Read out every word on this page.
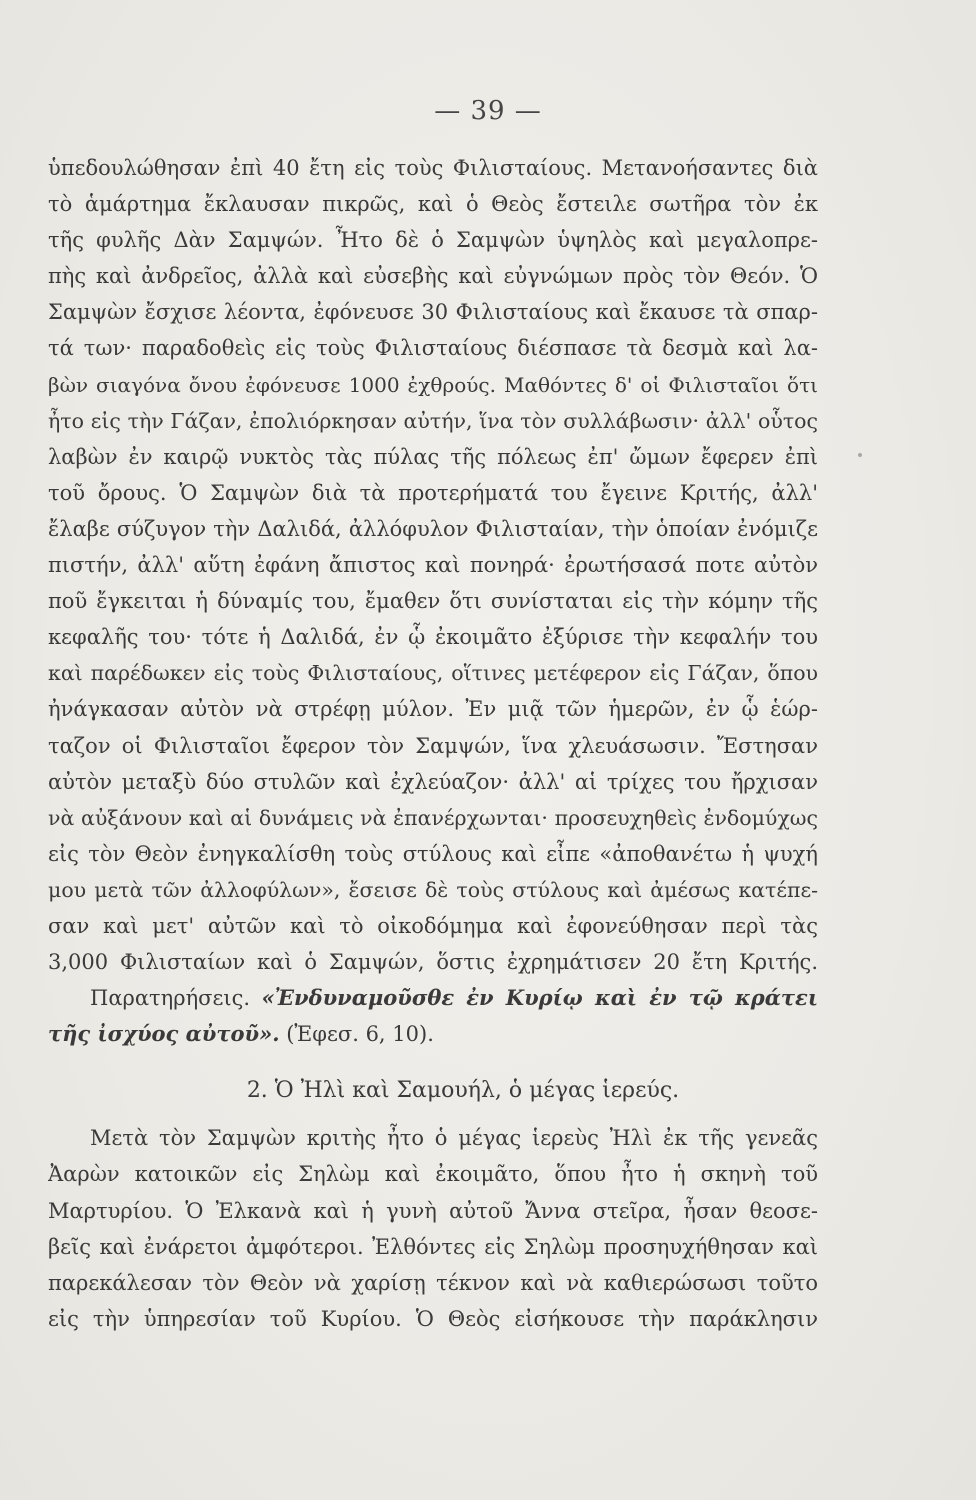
— 39 —
ὑπεδουλώθησαν ἐπὶ 40 ἔτη εἰς τοὺς Φιλισταίους. Μετανοήσαντες διὰ
τὸ ἁμάρτημα ἔκλαυσαν πικρῶς, καὶ ὁ Θεὸς ἔστειλε σωτῆρα τὸν ἐκ
τῆς φυλῆς Δὰν Σαμψών. Ἦτο δὲ ὁ Σαμψὼν ὑψηλὸς καὶ μεγαλοπρε-
πὴς καὶ ἀνδρεῖος, ἀλλὰ καὶ εὐσεβὴς καὶ εὐγνώμων πρὸς τὸν Θεόν. Ὁ
Σαμψὼν ἔσχισε λέοντα, ἐφόνευσε 30 Φιλισταίους καὶ ἔκαυσε τὰ σπαρ-
τά των· παραδοθεὶς εἰς τοὺς Φιλισταίους διέσπασε τὰ δεσμὰ καὶ λα-
βὼν σιαγόνα ὄνου ἐφόνευσε 1000 ἐχθρούς. Μαθόντες δ' οἱ Φιλισταῖοι ὅτι
ἦτο εἰς τὴν Γάζαν, ἐπολιόρκησαν αὐτήν, ἵνα τὸν συλλάβωσιν· ἀλλ' οὗτος
λαβὼν ἐν καιρῷ νυκτὸς τὰς πύλας τῆς πόλεως ἐπ' ὤμων ἔφερεν ἐπὶ
τοῦ ὄρους. Ὁ Σαμψὼν διὰ τὰ προτερήματά του ἔγεινε Κριτής, ἀλλ'
ἔλαβε σύζυγον τὴν Δαλιδά, ἀλλόφυλον Φιλισταίαν, τὴν ὁποίαν ἐνόμιζε
πιστήν, ἀλλ' αὕτη ἐφάνη ἄπιστος καὶ πονηρά· ἐρωτήσασά ποτε αὐτὸν
ποῦ ἔγκειται ἡ δύναμίς του, ἔμαθεν ὅτι συνίσταται εἰς τὴν κόμην τῆς
κεφαλῆς του· τότε ἡ Δαλιδά, ἐν ᾧ ἐκοιμᾶτο ἐξύρισε τὴν κεφαλήν του
καὶ παρέδωκεν εἰς τοὺς Φιλισταίους, οἵτινες μετέφερον εἰς Γάζαν, ὅπου
ἠνάγκασαν αὐτὸν νὰ στρέφῃ μύλον. Ἐν μιᾷ τῶν ἡμερῶν, ἐν ᾧ ἑώρ-
ταζον οἱ Φιλισταῖοι ἔφερον τὸν Σαμψών, ἵνα χλευάσωσιν. Ἔστησαν
αὐτὸν μεταξὺ δύο στυλῶν καὶ ἐχλεύαζον· ἀλλ' αἱ τρίχες του ἤρχισαν
νὰ αὐξάνουν καὶ αἱ δυνάμεις νὰ ἐπανέρχωνται· προσευχηθεὶς ἐνδομύχως
εἰς τὸν Θεὸν ἐνηγκαλίσθη τοὺς στύλους καὶ εἶπε «ἀποθανέτω ἡ ψυχή
μου μετὰ τῶν ἀλλοφύλων», ἔσεισε δὲ τοὺς στύλους καὶ ἀμέσως κατέπε-
σαν καὶ μετ' αὐτῶν καὶ τὸ οἰκοδόμημα καὶ ἐφονεύθησαν περὶ τὰς
3,000 Φιλισταίων καὶ ὁ Σαμψών, ὅστις ἐχρημάτισεν 20 ἔτη Κριτής.
Παρατηρήσεις. «Ἐνδυναμοῦσθε ἐν Κυρίῳ καὶ ἐν τῷ κράτει
τῆς ἰσχύος αὐτοῦ». (Ἐφεσ. 6, 10).
2. Ὁ Ἠλὶ καὶ Σαμουήλ, ὁ μέγας ἱερεύς.
Μετὰ τὸν Σαμψὼν κριτὴς ἦτο ὁ μέγας ἱερεὺς Ἠλὶ ἐκ τῆς γενεᾶς
Ἀαρὼν κατοικῶν εἰς Σηλὼμ καὶ ἐκοιμᾶτο, ὅπου ἦτο ἡ σκηνὴ τοῦ
Μαρτυρίου. Ὁ Ἐλκανὰ καὶ ἡ γυνὴ αὐτοῦ Ἄννα στεῖρα, ἦσαν θεοσε-
βεῖς καὶ ἐνάρετοι ἀμφότεροι. Ἐλθόντες εἰς Σηλὼμ προσηυχήθησαν καὶ
παρεκάλεσαν τὸν Θεὸν νὰ χαρίσῃ τέκνον καὶ νὰ καθιερώσωσι τοῦτο
εἰς τὴν ὑπηρεσίαν τοῦ Κυρίου. Ὁ Θεὸς εἰσήκουσε τὴν παράκλησιν
